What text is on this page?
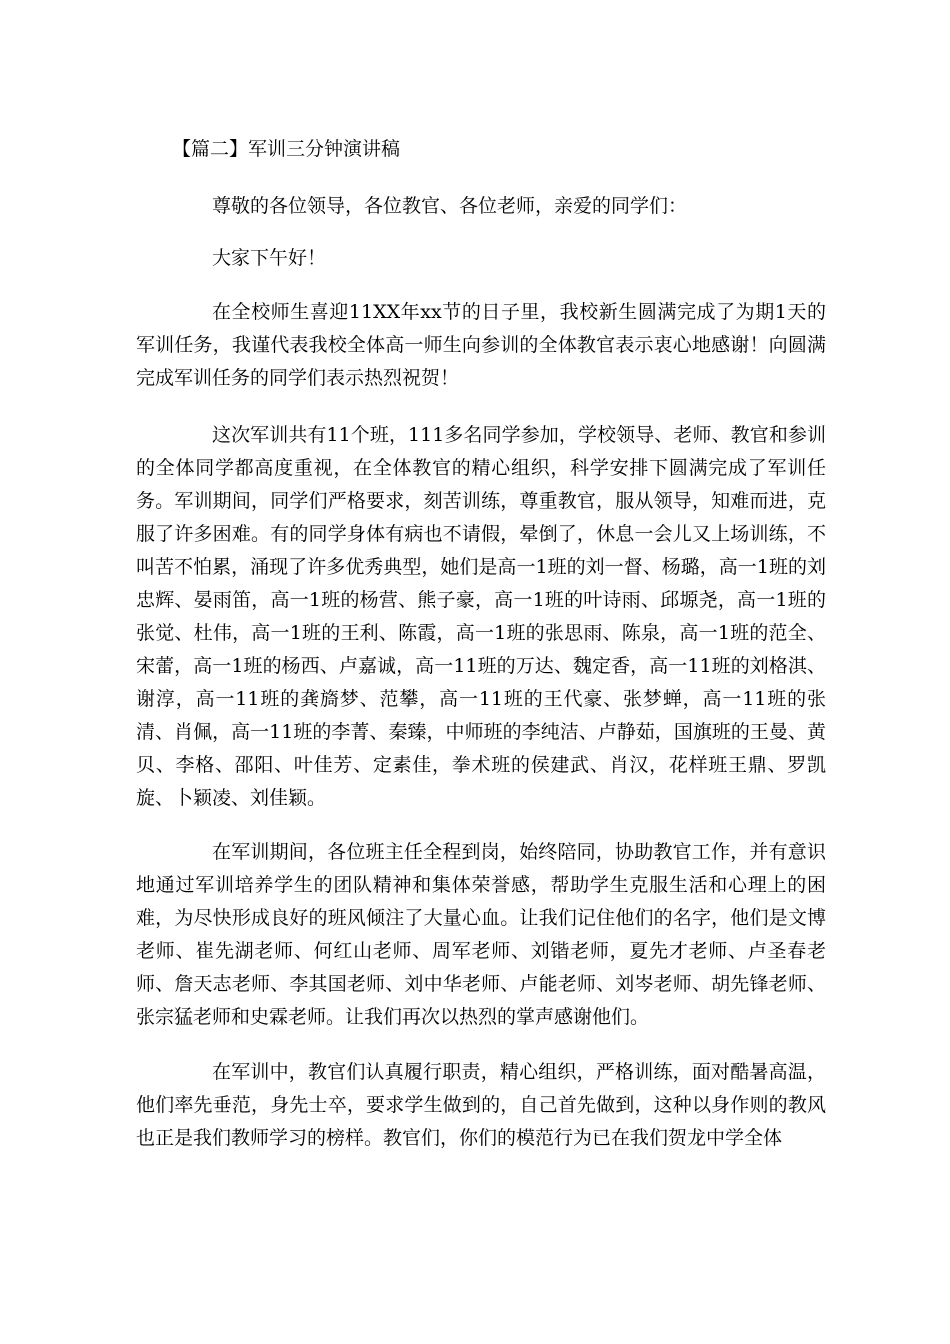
【篇二】军训三分钟演讲稿

尊敬的各位领导，各位教官、各位老师，亲爱的同学们：

大家下午好！

在全校师生喜迎11XX年xx节的日子里，我校新生圆满完成了为期1天的军训任务，我谨代表我校全体高一师生向参训的全体教官表示衷心地感谢！向圆满完成军训任务的同学们表示热烈祝贺！

这次军训共有11个班，111多名同学参加，学校领导、老师、教官和参训的全体同学都高度重视，在全体教官的精心组织，科学安排下圆满完成了军训任务。军训期间，同学们严格要求，刻苦训练，尊重教官，服从领导，知难而进，克服了许多困难。有的同学身体有病也不请假，晕倒了，休息一会儿又上场训练，不叫苦不怕累，涌现了许多优秀典型，她们是高一1班的刘一督、杨璐，高一1班的刘忠辉、晏雨笛，高一1班的杨营、熊子豪，高一1班的叶诗雨、邱塬尧，高一1班的张觉、杜伟，高一1班的王利、陈霞，高一1班的张思雨、陈泉，高一1班的范全、宋蕾，高一1班的杨西、卢嘉诚，高一11班的万达、魏定香，高一11班的刘格淇、谢淳，高一11班的龚旖梦、范攀，高一11班的王代豪、张梦蝉，高一11班的张清、肖佩，高一11班的李菁、秦臻，中师班的李纯洁、卢静茹，国旗班的王曼、黄贝、李格、邵阳、叶佳芳、定素佳，拳术班的侯建武、肖汉，花样班王鼎、罗凯旋、卜颖凌、刘佳颖。

在军训期间，各位班主任全程到岗，始终陪同，协助教官工作，并有意识地通过军训培养学生的团队精神和集体荣誉感，帮助学生克服生活和心理上的困难，为尽快形成良好的班风倾注了大量心血。让我们记住他们的名字，他们是文博老师、崔先湖老师、何红山老师、周军老师、刘锴老师，夏先才老师、卢圣春老师、詹天志老师、李其国老师、刘中华老师、卢能老师、刘岑老师、胡先锋老师、张宗猛老师和史霖老师。让我们再次以热烈的掌声感谢他们。

在军训中，教官们认真履行职责，精心组织，严格训练，面对酷暑高温，他们率先垂范，身先士卒，要求学生做到的，自己首先做到，这种以身作则的教风也正是我们教师学习的榜样。教官们，你们的模范行为已在我们贺龙中学全体
